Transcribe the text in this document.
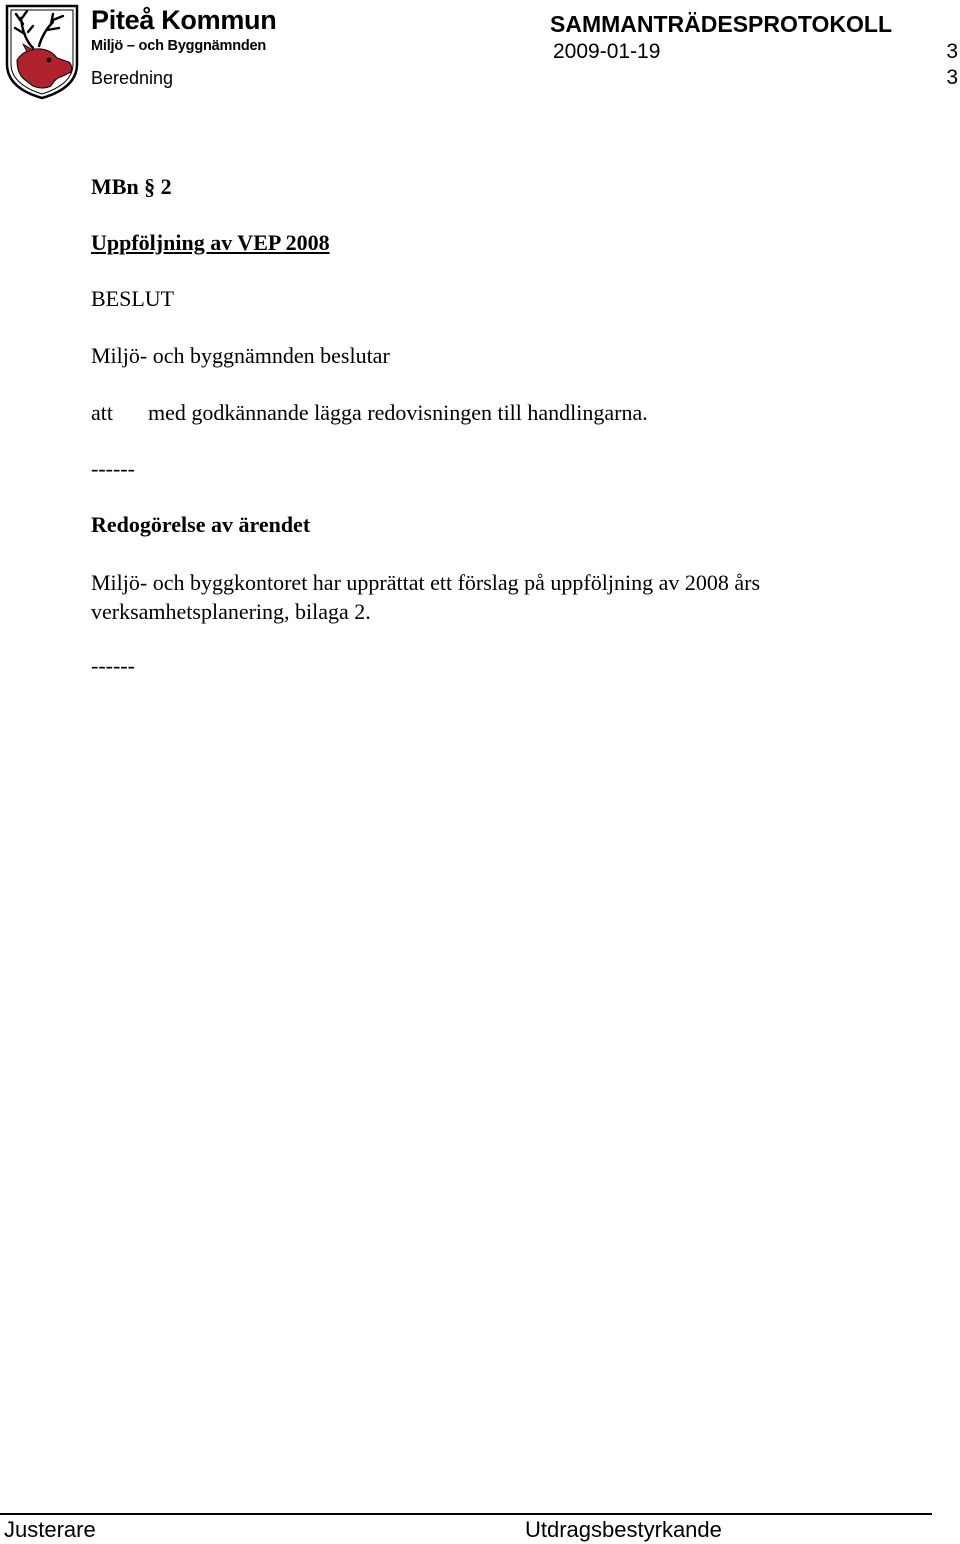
Piteå Kommun
Miljö – och Byggnämnden
SAMMANTRÄDESPROTOKOLL
2009-01-19	3
Beredning	3
MBn § 2
Uppföljning av VEP 2008
BESLUT
Miljö- och byggnämnden beslutar
att med godkännande lägga redovisningen till handlingarna.
------
Redogörelse av ärendet
Miljö- och byggkontoret har upprättat ett förslag på uppföljning av 2008 års verksamhetsplanering, bilaga 2.
------
Justerare	Utdragsbestyrkande
